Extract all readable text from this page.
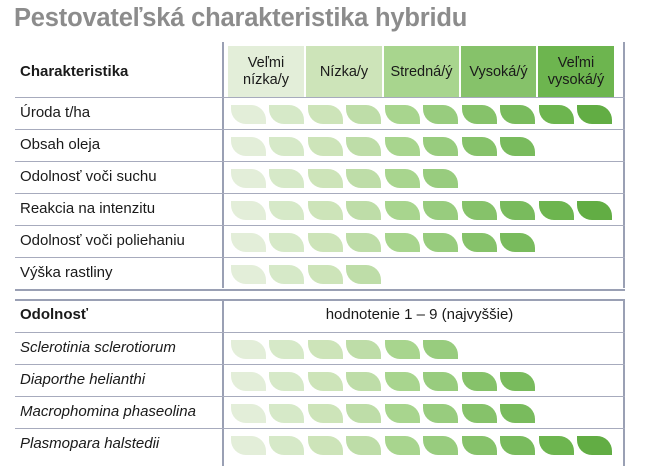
Pestovateľská charakteristika hybridu
Veľmi nízka/y
Nízka/y Stredná/ý Vysoká/ý
Veľmi vysoká/ý
Charakteristika
Úroda t/ha
Obsah oleja
Odolnosť voči suchu
Reakcia na intenzitu
Odolnosť voči poliehaniu
Výška rastliny
Sclerotinia sclerotiorum
Diaporthe helianthi
Macrophomina phaseolina
Plasmopara halstedii
Odolnosť	hodnotenie 1 – 9 (najvyššie)
